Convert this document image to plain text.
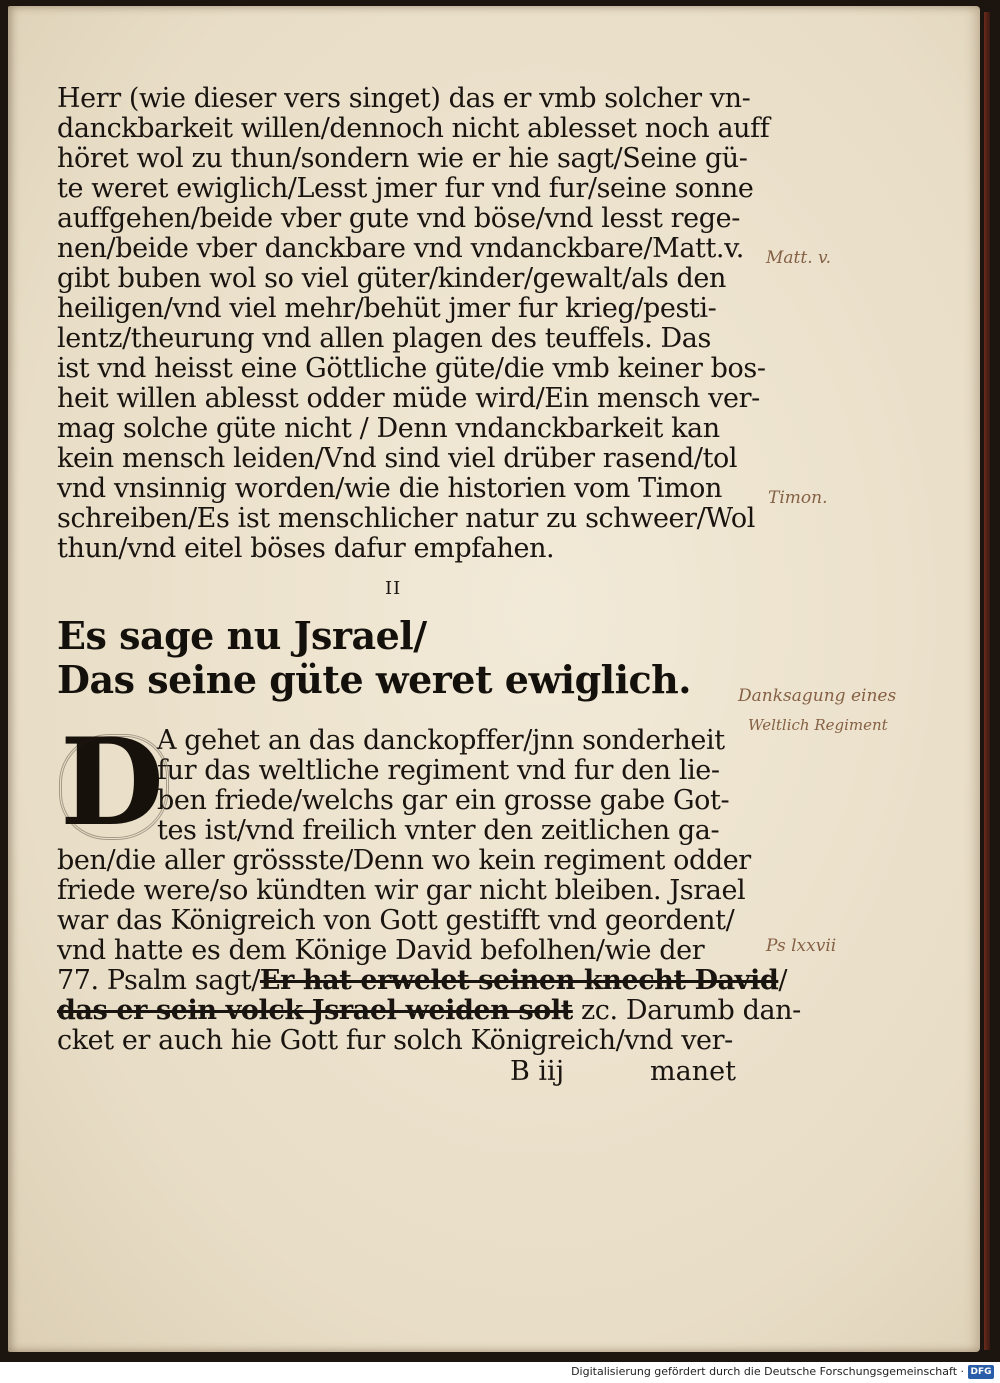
Herr (wie dieser vers singet) das er vmb solcher vn-
danckbarkeit willen/dennoch nicht ablesset noch auff
höret wol zu thun/sondern wie er hie sagt/Seine gü-
te weret ewiglich/Lesst jmer fur vnd fur/seine sonne
auffgehen/beide vber gute vnd böse/vnd lesst rege-
nen/beide vber danckbare vnd vndanckbare/Matt.v.
gibt buben wol so viel güter/kinder/gewalt/als den
heiligen/vnd viel mehr/behüt jmer fur krieg/pesti-
lentz/theurung vnd allen plagen des teuffels. Das
ist vnd heisst eine Göttliche güte/die vmb keiner bos-
heit willen ablesst odder müde wird/Ein mensch ver-
mag solche güte nicht / Denn vndanckbarkeit kan
kein mensch leiden/Vnd sind viel drüber rasend/tol
vnd vnsinnig worden/wie die historien vom Timon
schreiben/Es ist menschlicher natur zu schweer/Wol
thun/vnd eitel böses dafur empfahen.
II
Es sage nu Jsrael/
Das seine güte weret ewiglich.
D
A gehet an das danckopffer/jnn sonderheit
fur das weltliche regiment vnd fur den lie-
ben friede/welchs gar ein grosse gabe Got-
tes ist/vnd freilich vnter den zeitlichen ga-
ben/die aller grössste/Denn wo kein regiment odder
friede were/so kündten wir gar nicht bleiben. Jsrael
war das Königreich von Gott gestifft vnd geordent/
vnd hatte es dem Könige David befolhen/wie der
77. Psalm sagt/Er hat erwelet seinen knecht David/
das er sein volck Jsrael weiden solt zc. Darumb dan-
cket er auch hie Gott fur solch Königreich/vnd ver-
B iij	manet
Matt. v.
Timon.
Danksagung eines
Weltlich Regiment
Ps lxxvii
Digitalisierung gefördert durch die Deutsche Forschungsgemeinschaft · DFG
